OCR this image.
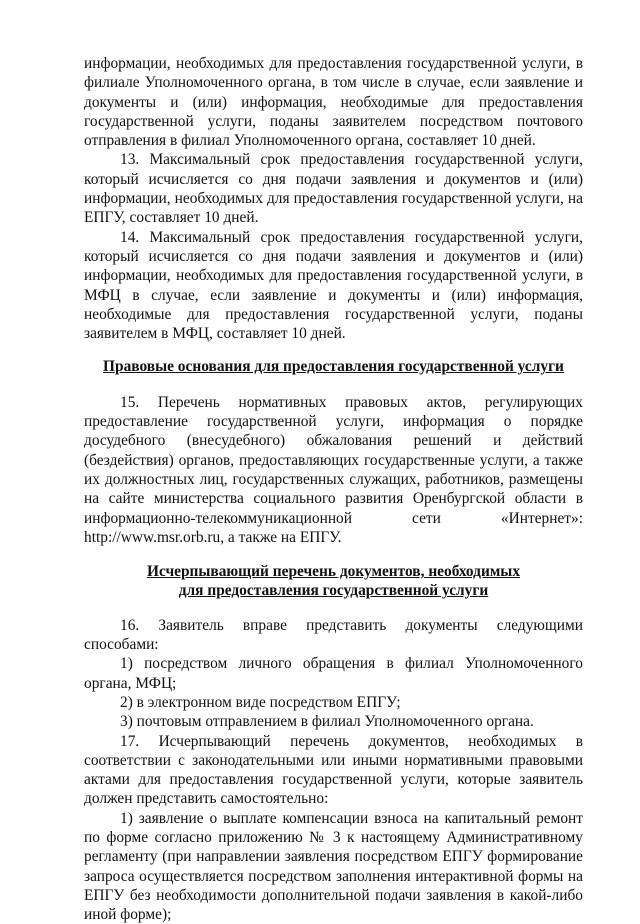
информации, необходимых для предоставления государственной услуги, в филиале Уполномоченного органа, в том числе в случае, если заявление и документы и (или) информация, необходимые для предоставления государственной услуги, поданы заявителем посредством почтового отправления в филиал Уполномоченного органа, составляет 10 дней.

13. Максимальный срок предоставления государственной услуги, который исчисляется со дня подачи заявления и документов и (или) информации, необходимых для предоставления государственной услуги, на ЕПГУ, составляет 10 дней.

14. Максимальный срок предоставления государственной услуги, который исчисляется со дня подачи заявления и документов и (или) информации, необходимых для предоставления государственной услуги, в МФЦ в случае, если заявление и документы и (или) информация, необходимые для предоставления государственной услуги, поданы заявителем в МФЦ, составляет 10 дней.

Правовые основания для предоставления государственной услуги

15. Перечень нормативных правовых актов, регулирующих предоставление государственной услуги, информация о порядке досудебного (внесудебного) обжалования решений и действий (бездействия) органов, предоставляющих государственные услуги, а также их должностных лиц, государственных служащих, работников, размещены на сайте министерства социального развития Оренбургской области в информационно-телекоммуникационной сети «Интернет»: http://www.msr.orb.ru, а также на ЕПГУ.

Исчерпывающий перечень документов, необходимых
для предоставления государственной услуги

16. Заявитель вправе представить документы следующими способами:

1) посредством личного обращения в филиал Уполномоченного органа, МФЦ;

2) в электронном виде посредством ЕПГУ;

3) почтовым отправлением в филиал Уполномоченного органа.

17. Исчерпывающий перечень документов, необходимых в соответствии с законодательными или иными нормативными правовыми актами для предоставления государственной услуги, которые заявитель должен представить самостоятельно:

1) заявление о выплате компенсации взноса на капитальный ремонт по форме согласно приложению № 3 к настоящему Административному регламенту (при направлении заявления посредством ЕПГУ формирование запроса осуществляется посредством заполнения интерактивной формы на ЕПГУ без необходимости дополнительной подачи заявления в какой-либо иной форме);
